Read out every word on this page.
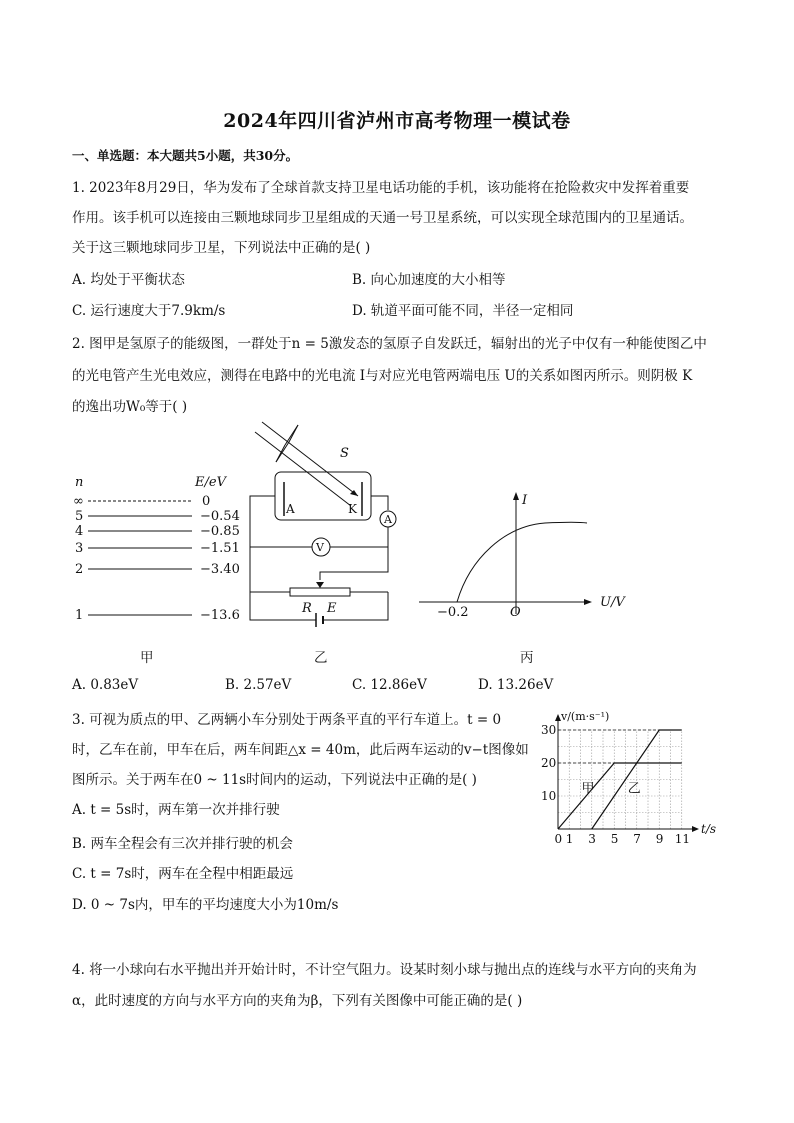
2024年四川省泸州市高考物理一模试卷
一、单选题：本大题共5小题，共30分。
1. 2023年8月29日，华为发布了全球首款支持卫星电话功能的手机，该功能将在抢险救灾中发挥着重要
作用。该手机可以连接由三颗地球同步卫星组成的天通一号卫星系统，可以实现全球范围内的卫星通话。
关于这三颗地球同步卫星，下列说法中正确的是( )
A. 均处于平衡状态	B. 向心加速度的大小相等
C. 运行速度大于7.9km/s	D. 轨道平面可能不同，半径一定相同
2. 图甲是氢原子的能级图，一群处于n = 5激发态的氢原子自发跃迁，辐射出的光子中仅有一种能使图乙中
的光电管产生光电效应，测得在电路中的光电流 I与对应光电管两端电压 U的关系如图丙所示。则阴极 K
的逸出功W₀等于( )
n	E/eV
∞	0
5	−0.54
4	−0.85
3	−1.51
2	−3.40
1	−13.6
S
A	K
A
V
R E
I
U/V
O
−0.2
甲	乙	丙
A. 0.83eV	B. 2.57eV	C. 12.86eV	D. 13.26eV
3. 可视为质点的甲、乙两辆小车分别处于两条平直的平行车道上。t = 0
时，乙车在前，甲车在后，两车间距△x = 40m，此后两车运动的v−t图像如
图所示。关于两车在0 ~ 11s时间内的运动，下列说法中正确的是( )
A. t = 5s时，两车第一次并排行驶
B. 两车全程会有三次并排行驶的机会
C. t = 7s时，两车在全程中相距最远
D. 0 ~ 7s内，甲车的平均速度大小为10m/s
甲	乙
0 1 3 5 7 9 11
10
20
30
v/(m·s⁻¹)
t/s
4. 将一小球向右水平抛出并开始计时，不计空气阻力。设某时刻小球与抛出点的连线与水平方向的夹角为
α，此时速度的方向与水平方向的夹角为β，下列有关图像中可能正确的是( )
